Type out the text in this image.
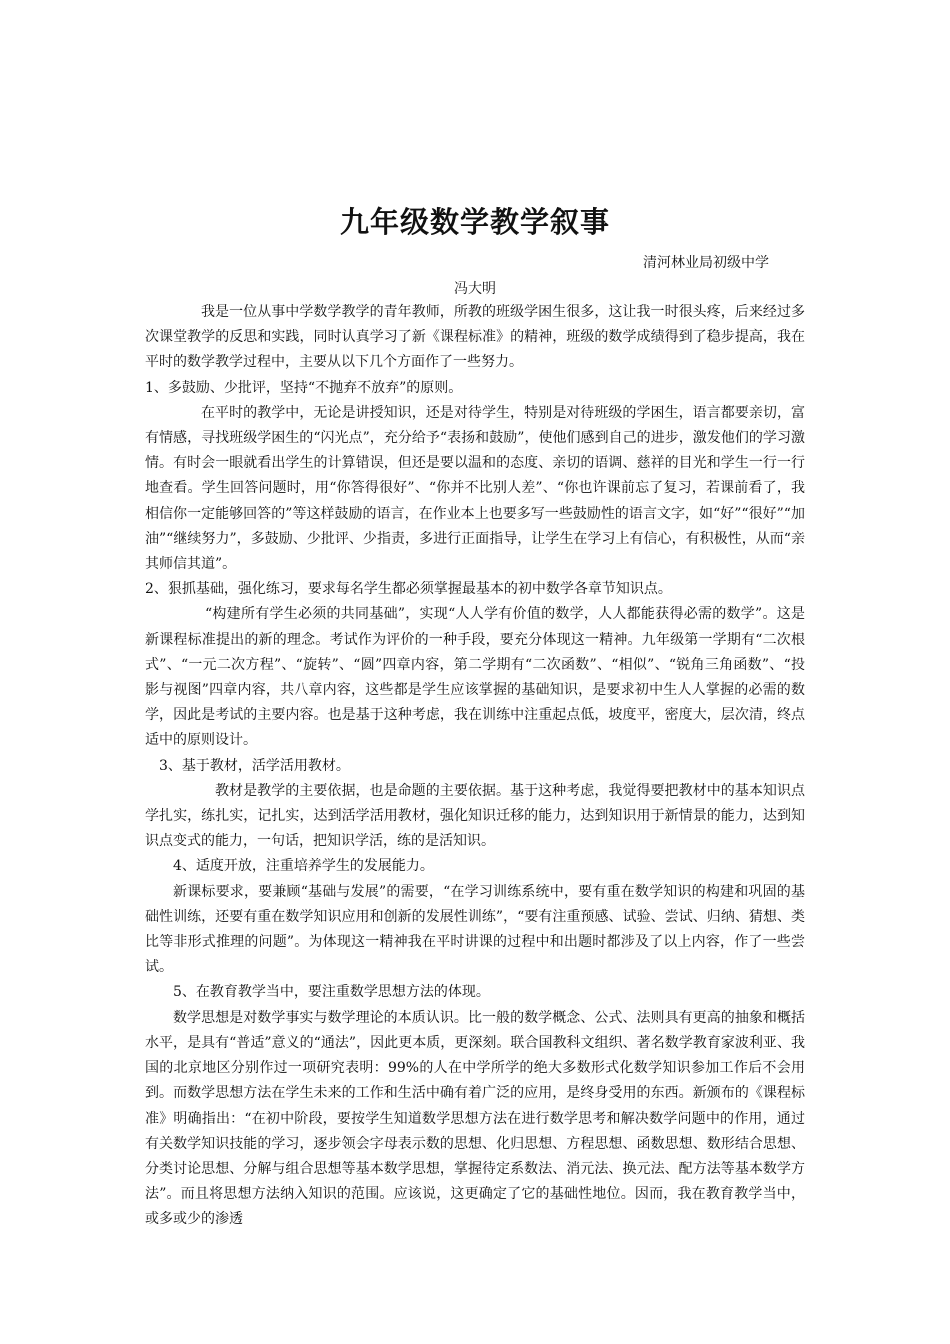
九年级数学教学叙事
清河林业局初级中学
冯大明

我是一位从事中学数学教学的青年教师，所教的班级学困生很多，这让我一时很头疼，后来经过多次课堂教学的反思和实践，同时认真学习了新《课程标准》的精神，班级的数学成绩得到了稳步提高，我在平时的数学教学过程中，主要从以下几个方面作了一些努力。

1、多鼓励、少批评，坚持“不抛弃不放弃”的原则。

在平时的教学中，无论是讲授知识，还是对待学生，特别是对待班级的学困生，语言都要亲切，富有情感，寻找班级学困生的“闪光点”，充分给予“表扬和鼓励”，使他们感到自己的进步，激发他们的学习激情。有时会一眼就看出学生的计算错误，但还是要以温和的态度、亲切的语调、慈祥的目光和学生一行一行地查看。学生回答问题时，用“你答得很好”、“你并不比别人差”、“你也许课前忘了复习，若课前看了，我相信你一定能够回答的”等这样鼓励的语言，在作业本上也要多写一些鼓励性的语言文字，如“好”“很好”“加油”“继续努力”，多鼓励、少批评、少指责，多进行正面指导，让学生在学习上有信心，有积极性，从而“亲其师信其道”。

2、狠抓基础，强化练习，要求每名学生都必须掌握最基本的初中数学各章节知识点。

“构建所有学生必须的共同基础”，实现“人人学有价值的数学，人人都能获得必需的数学”。这是新课程标准提出的新的理念。考试作为评价的一种手段，要充分体现这一精神。九年级第一学期有“二次根式”、“一元二次方程”、“旋转”、“圆”四章内容，第二学期有“二次函数”、“相似”、“锐角三角函数”、“投影与视图”四章内容，共八章内容，这些都是学生应该掌握的基础知识，是要求初中生人人掌握的必需的数学，因此是考试的主要内容。也是基于这种考虑，我在训练中注重起点低，坡度平，密度大，层次清，终点适中的原则设计。

3、基于教材，活学活用教材。

教材是教学的主要依据，也是命题的主要依据。基于这种考虑，我觉得要把教材中的基本知识点学扎实，练扎实，记扎实，达到活学活用教材，强化知识迁移的能力，达到知识用于新情景的能力，达到知识点变式的能力，一句话，把知识学活，练的是活知识。

4、适度开放，注重培养学生的发展能力。

新课标要求，要兼顾“基础与发展”的需要，“在学习训练系统中，要有重在数学知识的构建和巩固的基础性训练，还要有重在数学知识应用和创新的发展性训练”，“要有注重预感、试验、尝试、归纳、猜想、类比等非形式推理的问题”。为体现这一精神我在平时讲课的过程中和出题时都涉及了以上内容，作了一些尝试。

5、在教育教学当中，要注重数学思想方法的体现。

数学思想是对数学事实与数学理论的本质认识。比一般的数学概念、公式、法则具有更高的抽象和概括水平，是具有“普适”意义的“通法”，因此更本质，更深刻。联合国教科文组织、著名数学教育家波利亚、我国的北京地区分别作过一项研究表明：99%的人在中学所学的绝大多数形式化数学知识参加工作后不会用到。而数学思想方法在学生未来的工作和生活中确有着广泛的应用，是终身受用的东西。新颁布的《课程标准》明确指出：“在初中阶段，要按学生知道数学思想方法在进行数学思考和解决数学问题中的作用，通过有关数学知识技能的学习，逐步领会字母表示数的思想、化归思想、方程思想、函数思想、数形结合思想、分类讨论思想、分解与组合思想等基本数学思想，掌握待定系数法、消元法、换元法、配方法等基本数学方法”。而且将思想方法纳入知识的范围。应该说，这更确定了它的基础性地位。因而，我在教育教学当中，或多或少的渗透
